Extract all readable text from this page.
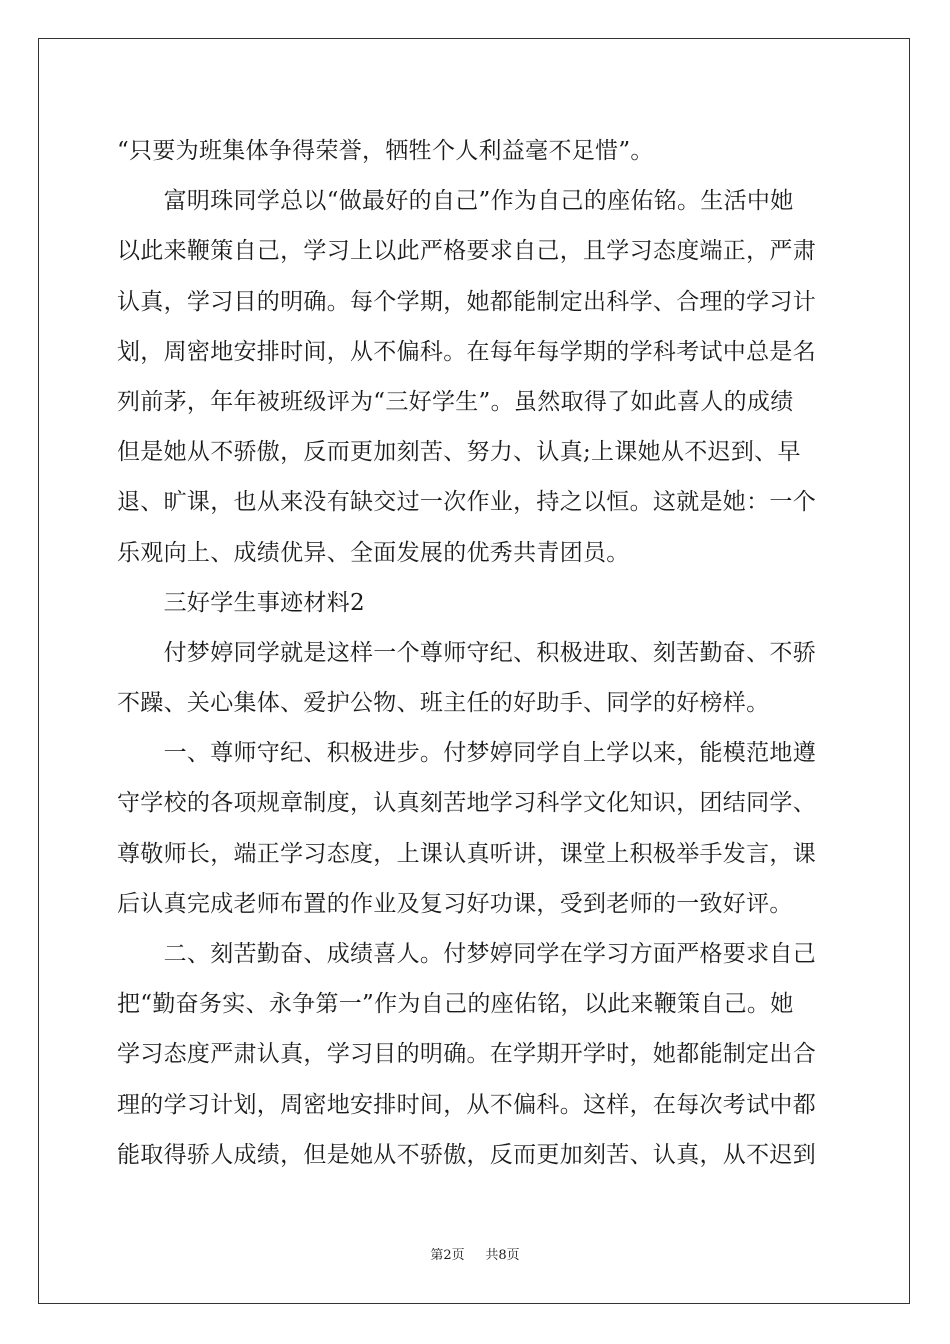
“只要为班集体争得荣誉，牺牲个人利益毫不足惜”。
　　富明珠同学总以“做最好的自己”作为自己的座佑铭。生活中她
以此来鞭策自己，学习上以此严格要求自己，且学习态度端正，严肃
认真，学习目的明确。每个学期，她都能制定出科学、合理的学习计
划，周密地安排时间，从不偏科。在每年每学期的学科考试中总是名
列前茅，年年被班级评为“三好学生”。虽然取得了如此喜人的成绩
但是她从不骄傲，反而更加刻苦、努力、认真;上课她从不迟到、早
退、旷课，也从来没有缺交过一次作业，持之以恒。这就是她：一个
乐观向上、成绩优异、全面发展的优秀共青团员。
　　三好学生事迹材料2
　　付梦婷同学就是这样一个尊师守纪、积极进取、刻苦勤奋、不骄
不躁、关心集体、爱护公物、班主任的好助手、同学的好榜样。
　　一、尊师守纪、积极进步。付梦婷同学自上学以来，能模范地遵
守学校的各项规章制度，认真刻苦地学习科学文化知识，团结同学、
尊敬师长，端正学习态度，上课认真听讲，课堂上积极举手发言，课
后认真完成老师布置的作业及复习好功课，受到老师的一致好评。
　　二、刻苦勤奋、成绩喜人。付梦婷同学在学习方面严格要求自己
把“勤奋务实、永争第一”作为自己的座佑铭，以此来鞭策自己。她
学习态度严肃认真，学习目的明确。在学期开学时，她都能制定出合
理的学习计划，周密地安排时间，从不偏科。这样，在每次考试中都
能取得骄人成绩，但是她从不骄傲，反而更加刻苦、认真，从不迟到
第2页 共8页
